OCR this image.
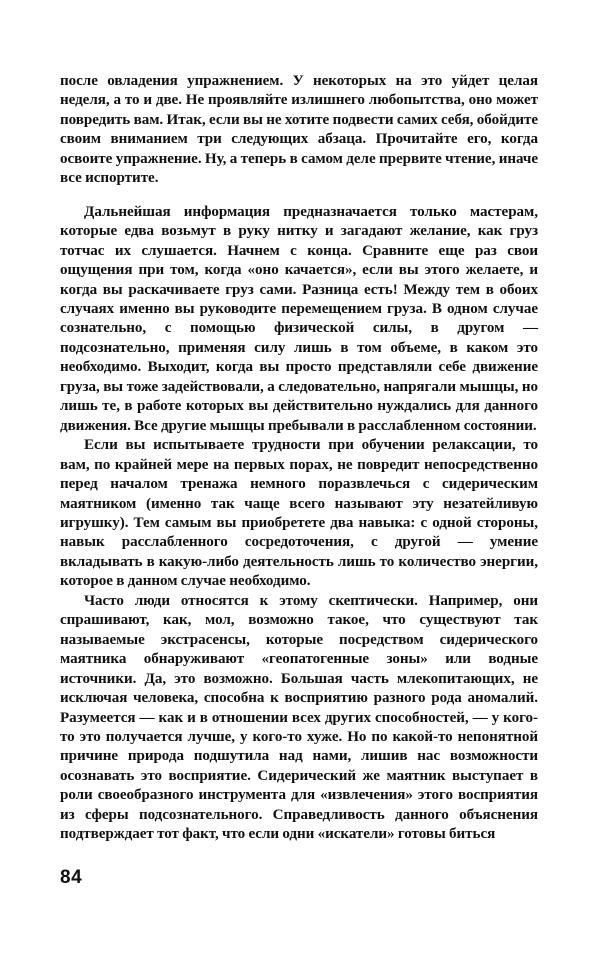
после овладения упражнением. У некоторых на это уйдет целая неделя, а то и две. Не проявляйте излишнего любопытства, оно может повредить вам. Итак, если вы не хотите подвести самих себя, обойдите своим вниманием три следующих абзаца. Прочитайте его, когда освоите упражнение. Ну, а теперь в самом деле прервите чтение, иначе все испортите.

Дальнейшая информация предназначается только мастерам, которые едва возьмут в руку нитку и загадают желание, как груз тотчас их слушается. Начнем с конца. Сравните еще раз свои ощущения при том, когда «оно качается», если вы этого желаете, и когда вы раскачиваете груз сами. Разница есть! Между тем в обоих случаях именно вы руководите перемещением груза. В одном случае сознательно, с помощью физической силы, в другом — подсознательно, применяя силу лишь в том объеме, в каком это необходимо. Выходит, когда вы просто представляли себе движение груза, вы тоже задействовали, а следовательно, напрягали мышцы, но лишь те, в работе которых вы действительно нуждались для данного движения. Все другие мышцы пребывали в расслабленном состоянии.

Если вы испытываете трудности при обучении релаксации, то вам, по крайней мере на первых порах, не повредит непосредственно перед началом тренажа немного поразвлечься с сидерическим маятником (именно так чаще всего называют эту незатейливую игрушку). Тем самым вы приобретете два навыка: с одной стороны, навык расслабленного сосредоточения, с другой — умение вкладывать в какую-либо деятельность лишь то количество энергии, которое в данном случае необходимо.

Часто люди относятся к этому скептически. Например, они спрашивают, как, мол, возможно такое, что существуют так называемые экстрасенсы, которые посредством сидерического маятника обнаруживают «геопатогенные зоны» или водные источники. Да, это возможно. Большая часть млекопитающих, не исключая человека, способна к восприятию разного рода аномалий. Разумеется — как и в отношении всех других способностей, — у кого-то это получается лучше, у кого-то хуже. Но по какой-то непонятной причине природа подшутила над нами, лишив нас возможности осознавать это восприятие. Сидерический же маятник выступает в роли своеобразного инструмента для «извлечения» этого восприятия из сферы подсознательного. Справедливость данного объяснения подтверждает тот факт, что если одни «искатели» готовы биться

84
